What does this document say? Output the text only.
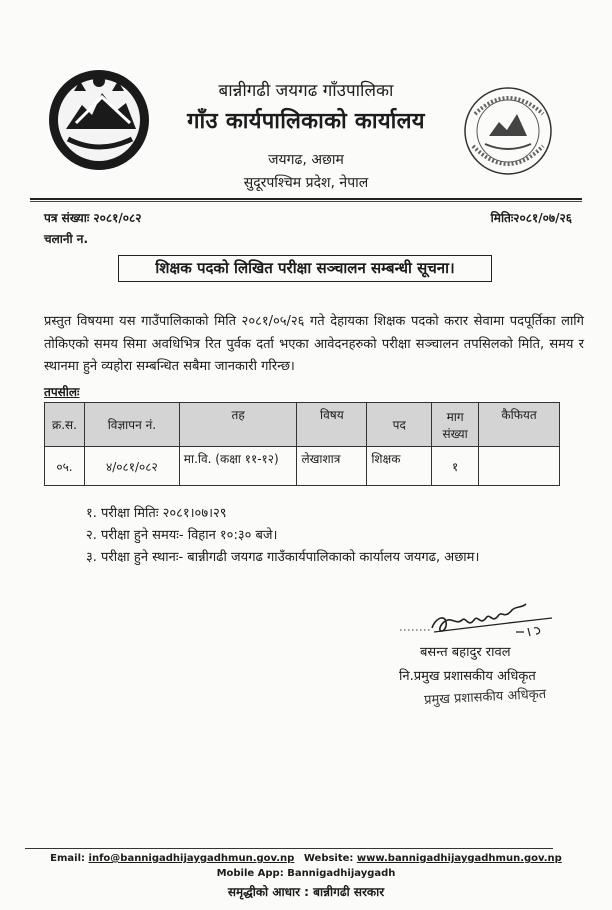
बान्नीगढी जयगढ गाँउपालिका
गाँउ कार्यपालिकाको कार्यालय
जयगढ, अछाम
सुदूरपश्चिम प्रदेश, नेपाल
पत्र संख्याः २०८१/०८२
चलानी न.
मितिः२०८१/०७/२६
शिक्षक पदको लिखित परीक्षा सञ्चालन सम्बन्धी सूचना।
प्रस्तुत विषयमा यस गाउँपालिकाको मिति २०८१/०५/२६ गते देहायका शिक्षक पदको करार सेवामा पदपूर्तिका लागि तोकिएको समय सिमा अवधिभित्र रित पुर्वक दर्ता भएका आवेदनहरुको परीक्षा सञ्चालन तपसिलको मिति, समय र स्थानमा हुने व्यहोरा सम्बन्धित सबैमा जानकारी गरिन्छ।
तपसीलः
क्र.स.	विज्ञापन नं.	तह	विषय	पद	माग संख्या	कैफियत
०५.	४/०८१/०८२	मा.वि. (कक्षा ११-१२)	लेखाशात्र	शिक्षक	१	
१. परीक्षा मितिः २०८१।०७।२९
२. परीक्षा हुने समयः- विहान १०:३० बजे।
३. परीक्षा हुने स्थानः- बान्नीगढी जयगढ गाउँकार्यपालिकाको कार्यालय जयगढ, अछाम।
बसन्त बहादुर रावल
नि.प्रमुख प्रशासकीय अधिकृत
प्रमुख प्रशासकीय अधिकृत
Email: info@bannigadhijaygadhmun.gov.np Website: www.bannigadhijaygadhmun.gov.np
Mobile App: Bannigadhijaygadh
समृद्धीको आधार : बान्नीगढी सरकार
